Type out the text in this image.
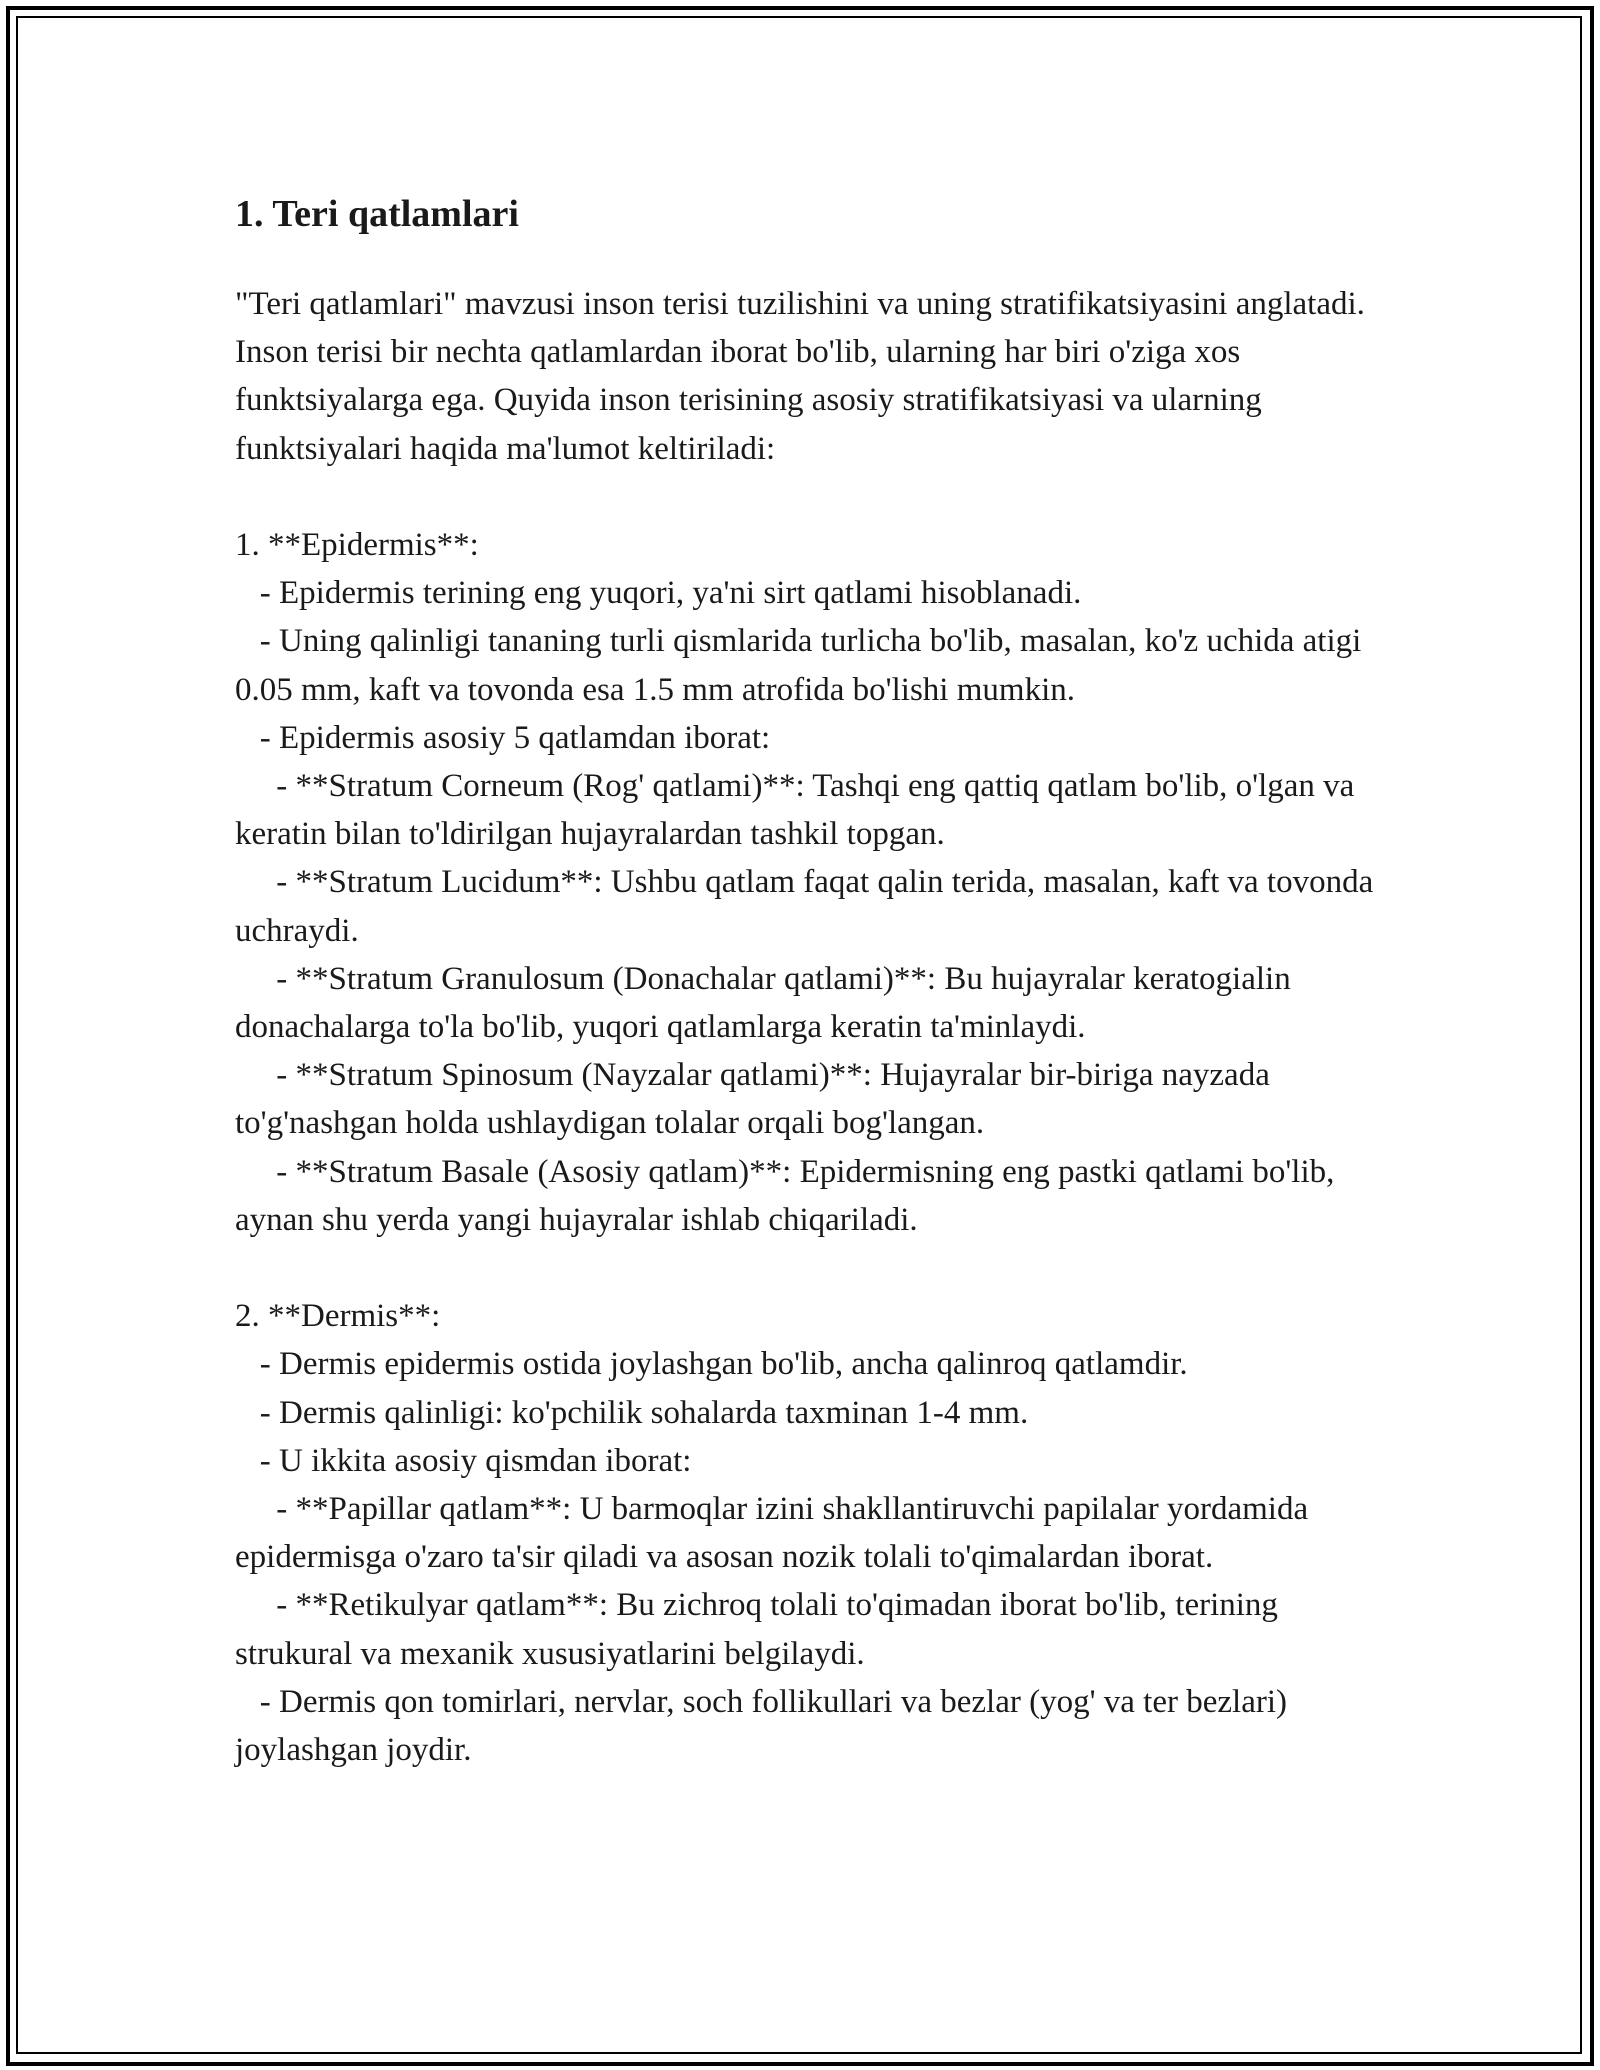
1. Teri qatlamlari

"Teri qatlamlari" mavzusi inson terisi tuzilishini va uning stratifikatsiyasini anglatadi. Inson terisi bir nechta qatlamlardan iborat bo'lib, ularning har biri o'ziga xos funktsiyalarga ega. Quyida inson terisining asosiy stratifikatsiyasi va ularning funktsiyalari haqida ma'lumot keltiriladi:

1. **Epidermis**:
- Epidermis terining eng yuqori, ya'ni sirt qatlami hisoblanadi.
- Uning qalinligi tananing turli qismlarida turlicha bo'lib, masalan, ko'z uchida atigi 0.05 mm, kaft va tovonda esa 1.5 mm atrofida bo'lishi mumkin.
- Epidermis asosiy 5 qatlamdan iborat:
- **Stratum Corneum (Rog' qatlami)**: Tashqi eng qattiq qatlam bo'lib, o'lgan va keratin bilan to'ldirilgan hujayralardan tashkil topgan.
- **Stratum Lucidum**: Ushbu qatlam faqat qalin terida, masalan, kaft va tovonda uchraydi.
- **Stratum Granulosum (Donachalar qatlami)**: Bu hujayralar keratogialin donachalarga to'la bo'lib, yuqori qatlamlarga keratin ta'minlaydi.
- **Stratum Spinosum (Nayzalar qatlami)**: Hujayralar bir-biriga nayzada to'g'nashgan holda ushlaydigan tolalar orqali bog'langan.
- **Stratum Basale (Asosiy qatlam)**: Epidermisning eng pastki qatlami bo'lib, aynan shu yerda yangi hujayralar ishlab chiqariladi.
2. **Dermis**:
- Dermis epidermis ostida joylashgan bo'lib, ancha qalinroq qatlamdir.
- Dermis qalinligi: ko'pchilik sohalarda taxminan 1-4 mm.
- U ikkita asosiy qismdan iborat:
- **Papillar qatlam**: U barmoqlar izini shakllantiruvchi papilalar yordamida epidermisga o'zaro ta'sir qiladi va asosan nozik tolali to'qimalardan iborat.
- **Retikulyar qatlam**: Bu zichroq tolali to'qimadan iborat bo'lib, terining strukural va mexanik xususiyatlarini belgilaydi.
- Dermis qon tomirlari, nervlar, soch follikullari va bezlar (yog' va ter bezlari) joylashgan joydir.
